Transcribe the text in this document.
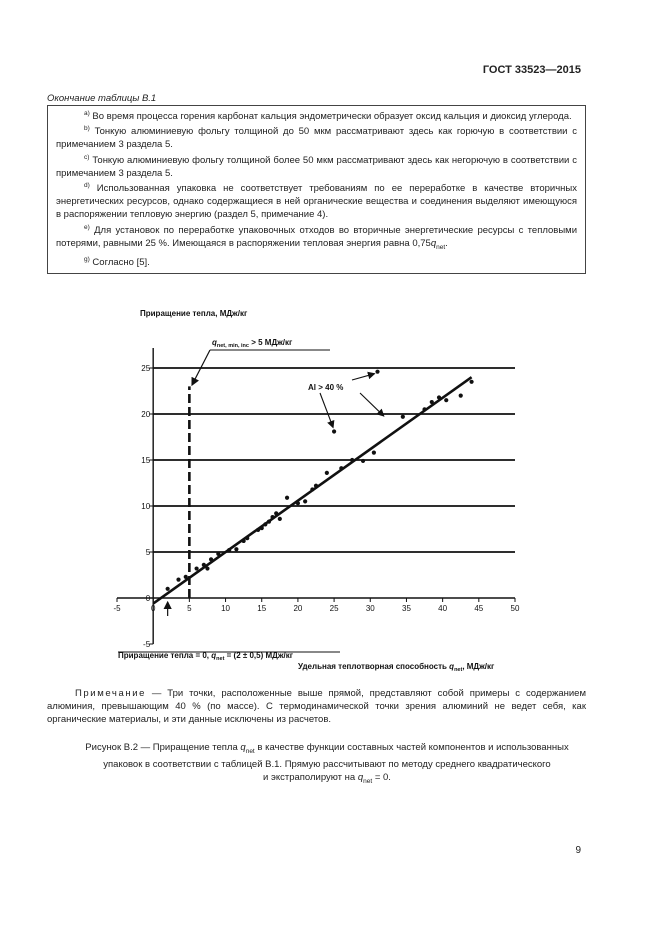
ГОСТ 33523—2015
Окончание таблицы В.1

$^{a)}$ Во время процесса горения карбонат кальция эндометрически образует оксид кальция и диоксид углерода.

$^{b)}$ Тонкую алюминиевую фольгу толщиной до 50 мкм рассматривают здесь как горючую в соответствии с примечанием 3 раздела 5.

$^{c)}$ Тонкую алюминиевую фольгу толщиной более 50 мкм рассматривают здесь как негорючую в соответствии с примечанием 3 раздела 5.

$^{d)}$ Использованная упаковка не соответствует требованиям по ее переработке в качестве вторичных энергетических ресурсов, однако содержащиеся в ней органические вещества и соединения выделяют имеющуюся в распоряжении тепловую энергию (раздел 5, примечание 4).

$^{e)}$ Для установок по переработке упаковочных отходов во вторичные энергетические ресурсы с тепловыми потерями, равными 25 %. Имеющаяся в распоряжении тепловая энергия равна $0,75q_{net}$.

$^{g)}$ Согласно [5].

-5	0	5	10	15	20	25	30	35	40	45	50
-5
0
5
10
15
20
25
Приращение тепла, МДж/кг
$q_{net, min, inc} > 5$ МДж/кг
Al > 40 %
Приращение тепла = 0, $q_{net} = (2 \pm 0,5)$ МДж/кг
Удельная теплотворная способность $q_{net}$, МДж/кг
Примечание — Три точки, расположенные выше прямой, представляют собой примеры с содержанием алюминия, превышающим 40 % (по массе). С термодинамической точки зрения алюминий не ведет себя, как органические материалы, и эти данные исключены из расчетов.
Рисунок В.2 — Приращение тепла $q_{net}$ в качестве функции составных частей компонентов и использованных
упаковок в соответствии с таблицей В.1. Прямую рассчитывают по методу среднего квадратического
и экстраполируют на $q_{net} = 0$.
9
